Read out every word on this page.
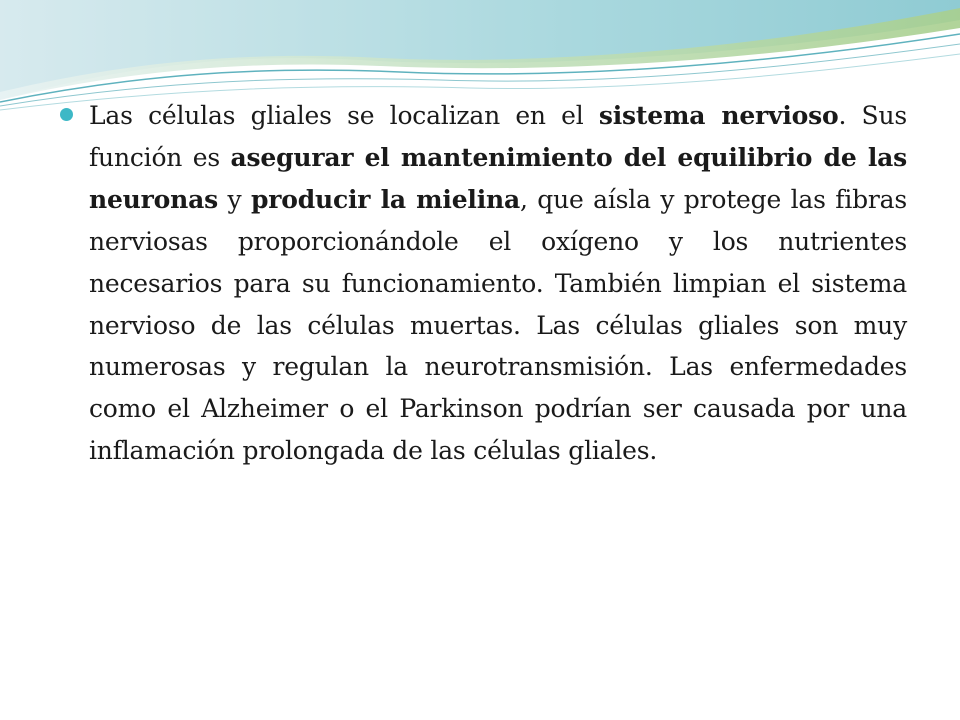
Las células gliales se localizan en el sistema nervioso. Sus función es asegurar el mantenimiento del equilibrio de las neuronas y producir la mielina, que aísla y protege las fibras nerviosas proporcionándole el oxígeno y los nutrientes necesarios para su funcionamiento. También limpian el sistema nervioso de las células muertas. Las células gliales son muy numerosas y regulan la neurotransmisión. Las enfermedades como el Alzheimer o el Parkinson podrían ser causada por una inflamación prolongada de las células gliales.
